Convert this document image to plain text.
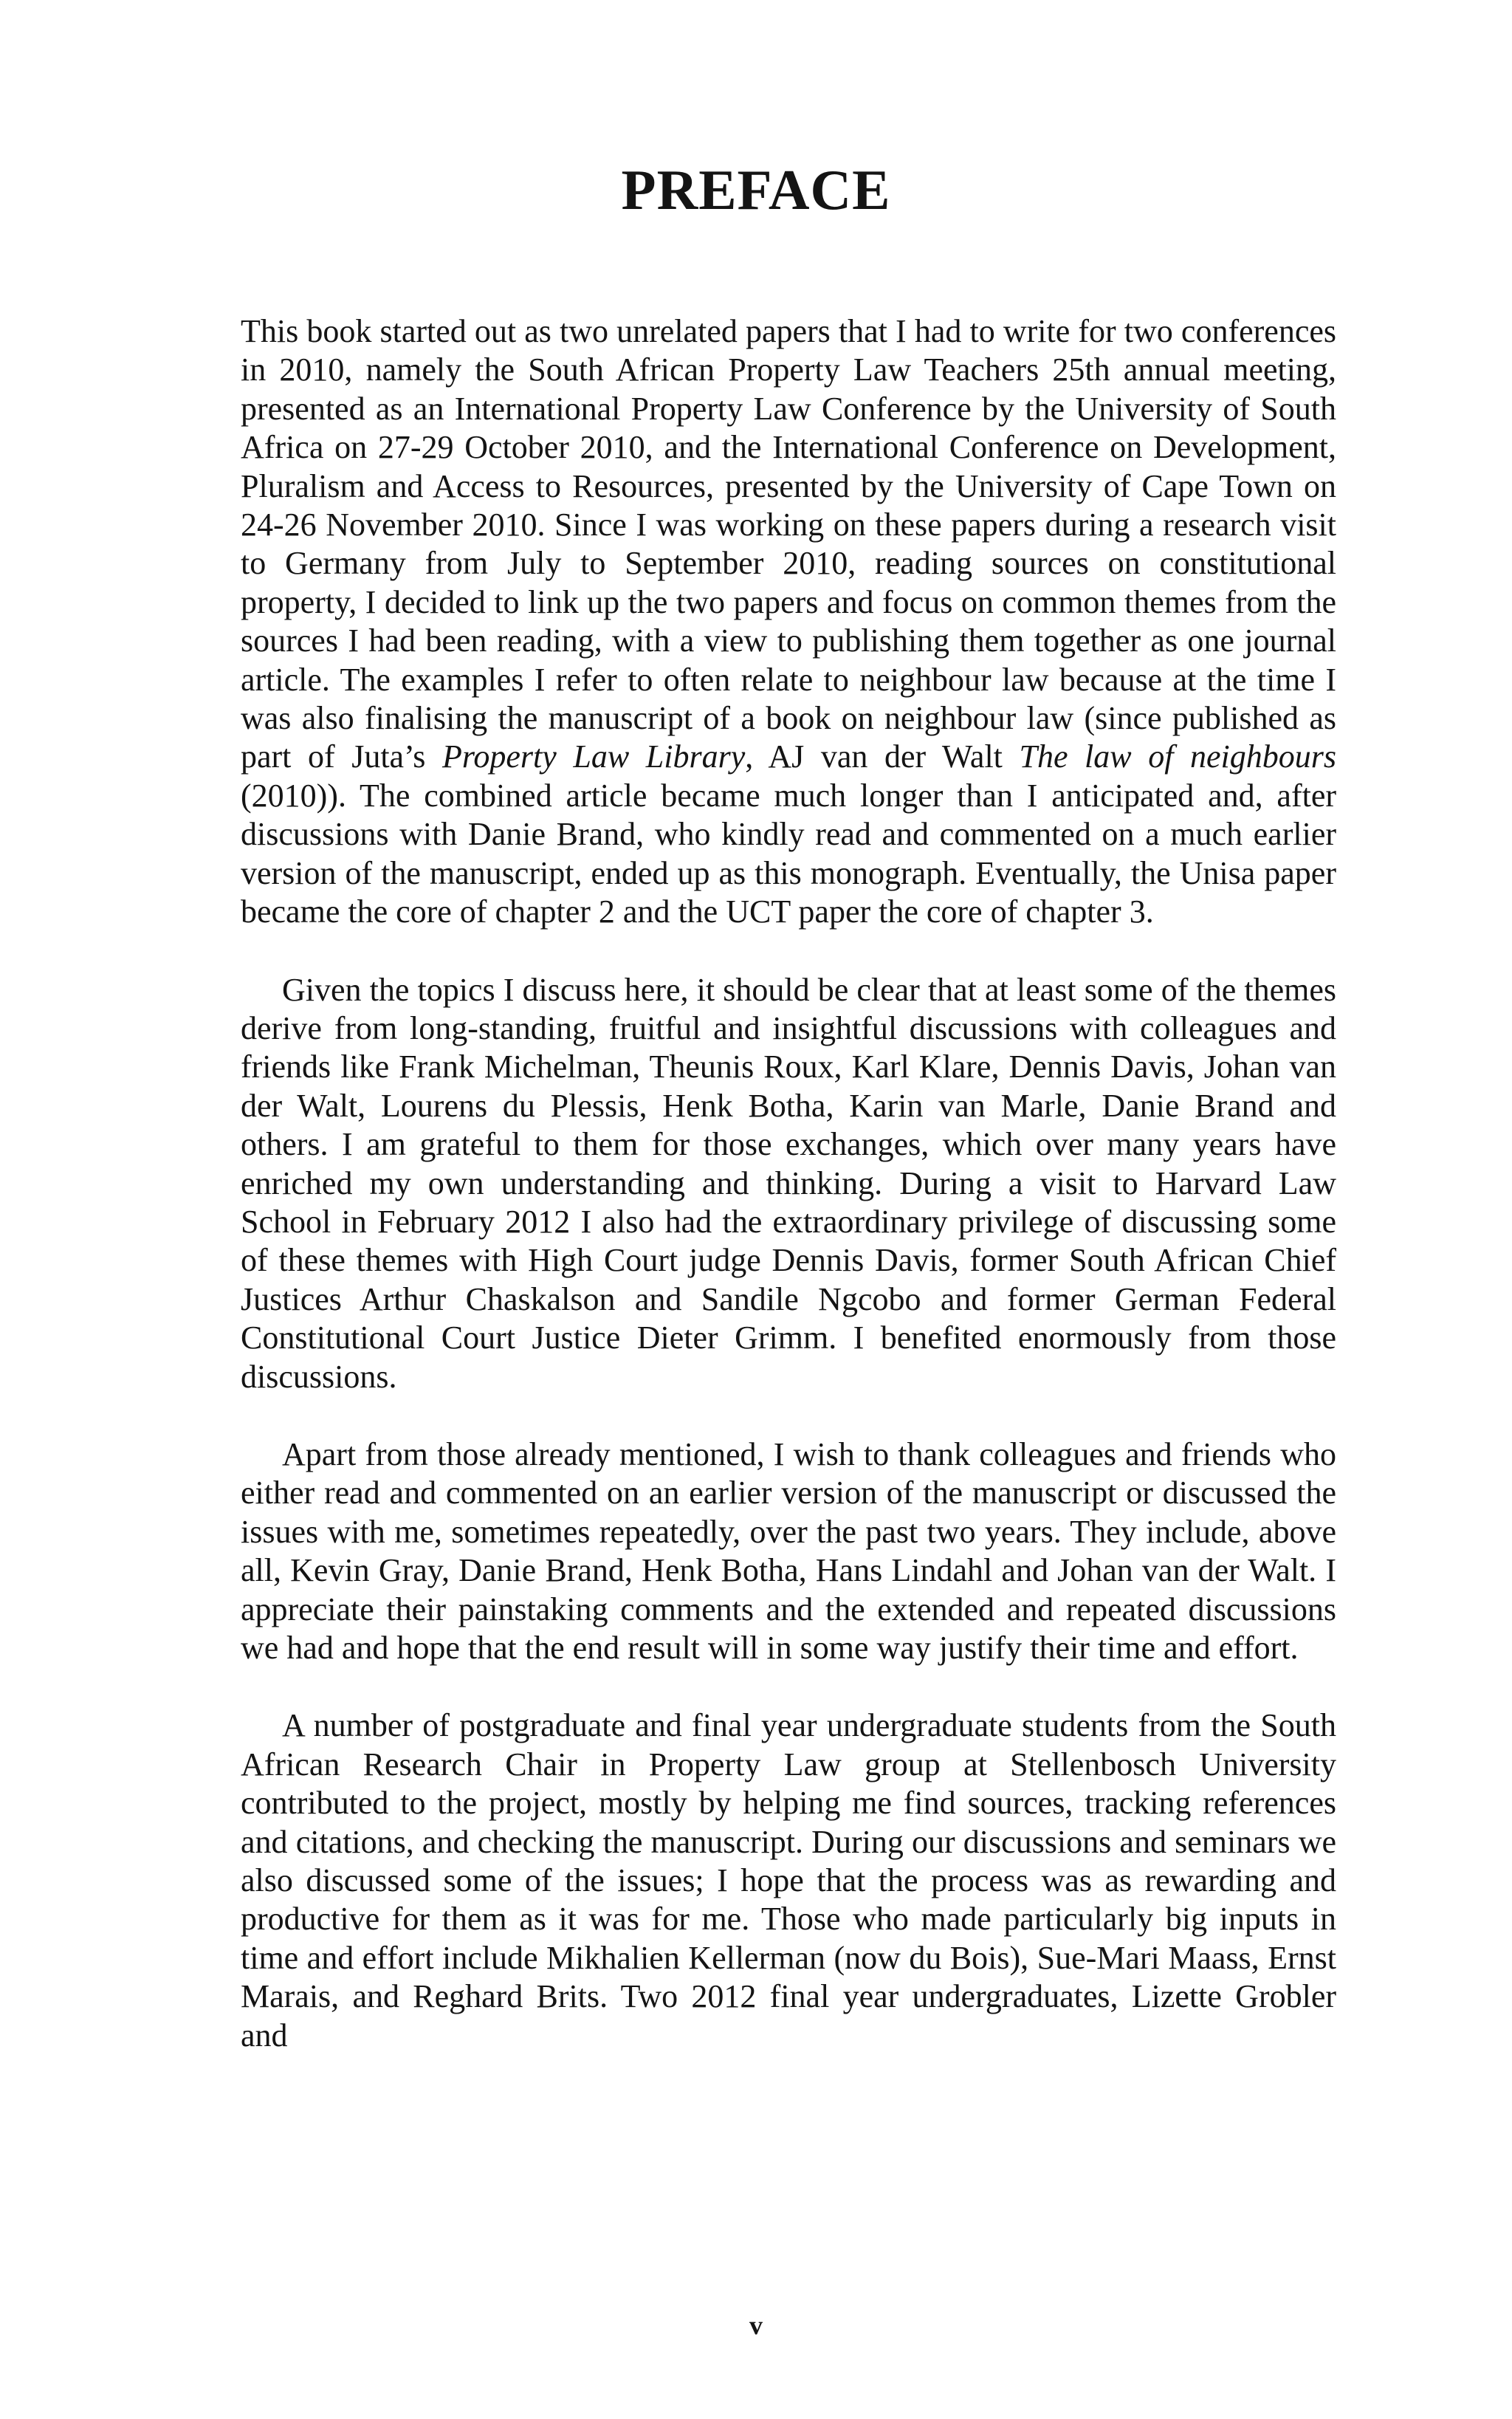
PREFACE

This book started out as two unrelated papers that I had to write for two conferences in 2010, namely the South African Property Law Teachers 25th annual meeting, presented as an International Property Law Conference by the University of South Africa on 27-29 October 2010, and the International Conference on Development, Pluralism and Access to Resources, presented by the University of Cape Town on 24-26 November 2010. Since I was working on these papers during a research visit to Germany from July to September 2010, reading sources on constitutional property, I decided to link up the two papers and focus on common themes from the sources I had been reading, with a view to publishing them together as one journal article. The examples I refer to often relate to neighbour law because at the time I was also finalising the manuscript of a book on neighbour law (since published as part of Juta’s Property Law Library, AJ van der Walt The law of neighbours (2010)). The combined article became much longer than I anticipated and, after discussions with Danie Brand, who kindly read and commented on a much earlier version of the manuscript, ended up as this monograph. Eventually, the Unisa paper became the core of chapter 2 and the UCT paper the core of chapter 3.

Given the topics I discuss here, it should be clear that at least some of the themes derive from long-standing, fruitful and insightful discussions with colleagues and friends like Frank Michelman, Theunis Roux, Karl Klare, Dennis Davis, Johan van der Walt, Lourens du Plessis, Henk Botha, Karin van Marle, Danie Brand and others. I am grateful to them for those exchanges, which over many years have enriched my own understanding and thinking. During a visit to Harvard Law School in February 2012 I also had the extraordinary privilege of discussing some of these themes with High Court judge Dennis Davis, former South African Chief Justices Arthur Chaskalson and Sandile Ngcobo and former German Federal Constitutional Court Justice Dieter Grimm. I benefited enormously from those discussions.

Apart from those already mentioned, I wish to thank colleagues and friends who either read and commented on an earlier version of the manuscript or discussed the issues with me, sometimes repeatedly, over the past two years. They include, above all, Kevin Gray, Danie Brand, Henk Botha, Hans Lindahl and Johan van der Walt. I appreciate their painstaking comments and the extended and repeated discussions we had and hope that the end result will in some way justify their time and effort.

A number of postgraduate and final year undergraduate students from the South African Research Chair in Property Law group at Stellenbosch University contributed to the project, mostly by helping me find sources, tracking references and citations, and checking the manuscript. During our discussions and seminars we also discussed some of the issues; I hope that the process was as rewarding and productive for them as it was for me. Those who made particularly big inputs in time and effort include Mikhalien Kellerman (now du Bois), Sue-Mari Maass, Ernst Marais, and Reghard Brits. Two 2012 final year undergraduates, Lizette Grobler and

v
